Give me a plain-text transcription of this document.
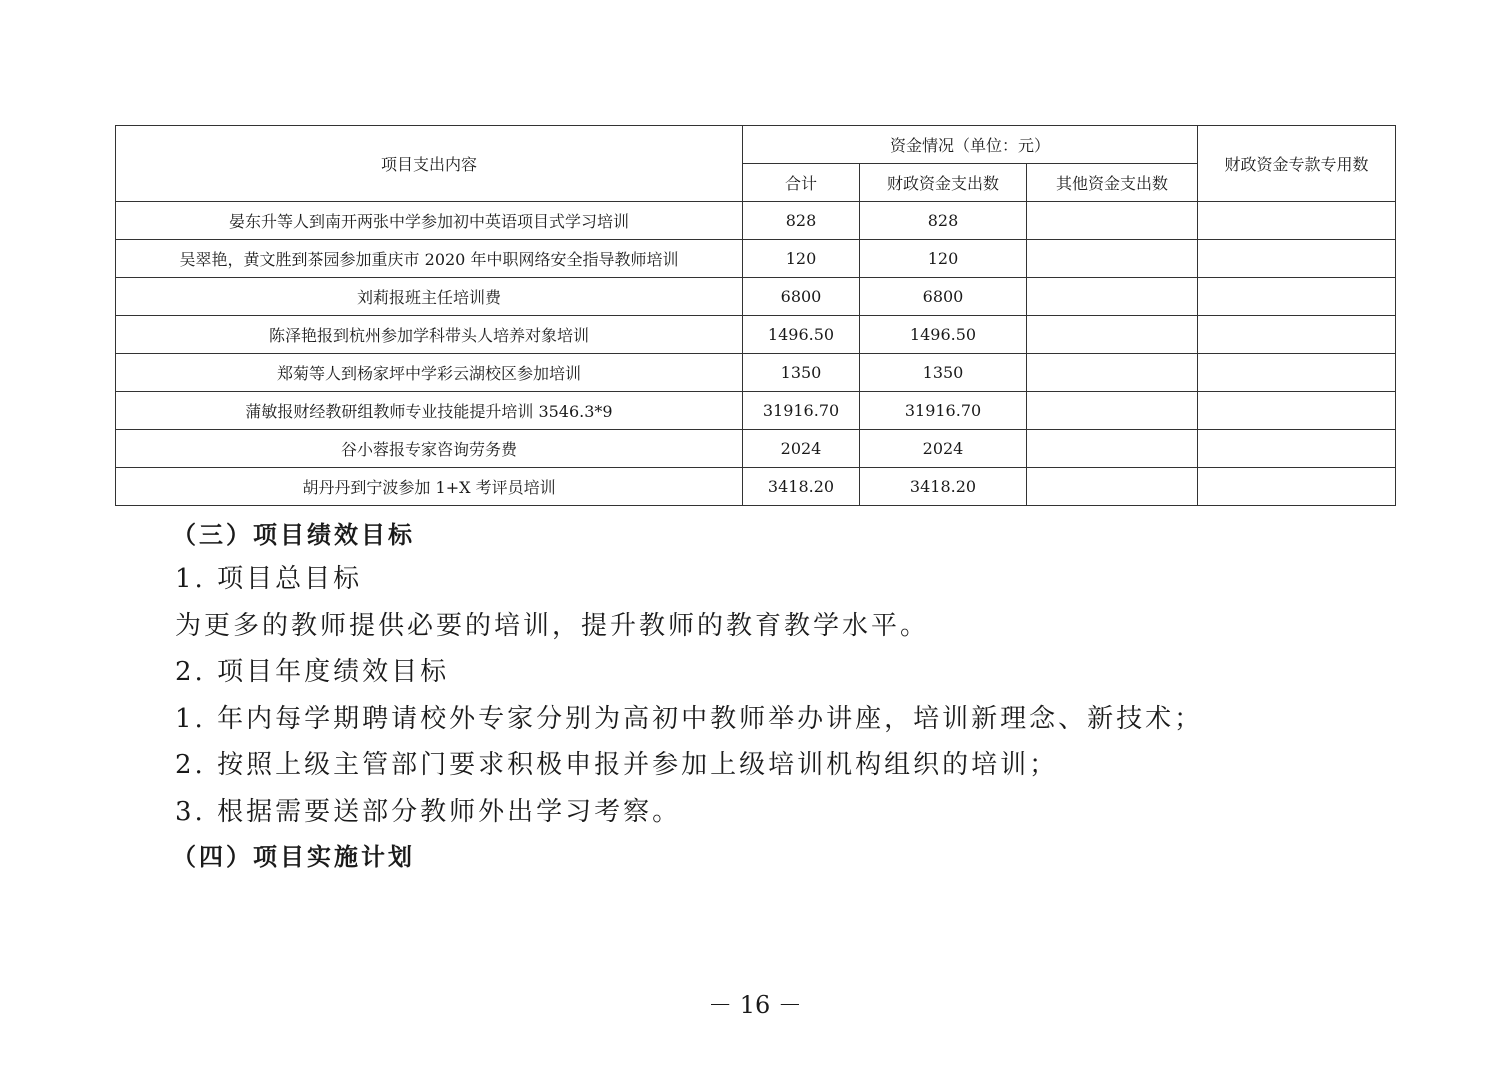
项目支出内容	资金情况（单位：元）			财政资金专款专用数
	合计	财政资金支出数	其他资金支出数	
晏东升等人到南开两张中学参加初中英语项目式学习培训	828	828		
吴翠艳，黄文胜到茶园参加重庆市 2020 年中职网络安全指导教师培训	120	120		
刘莉报班主任培训费	6800	6800		
陈泽艳报到杭州参加学科带头人培养对象培训	1496.50	1496.50		
郑菊等人到杨家坪中学彩云湖校区参加培训	1350	1350		
蒲敏报财经教研组教师专业技能提升培训 3546.3*9	31916.70	31916.70		
谷小蓉报专家咨询劳务费	2024	2024		
胡丹丹到宁波参加 1+X 考评员培训	3418.20	3418.20		
（三）项目绩效目标
1. 项目总目标
为更多的教师提供必要的培训，提升教师的教育教学水平。
2. 项目年度绩效目标
1. 年内每学期聘请校外专家分别为高初中教师举办讲座，培训新理念、新技术；
2. 按照上级主管部门要求积极申报并参加上级培训机构组织的培训；
3. 根据需要送部分教师外出学习考察。
（四）项目实施计划
－ 16 －
